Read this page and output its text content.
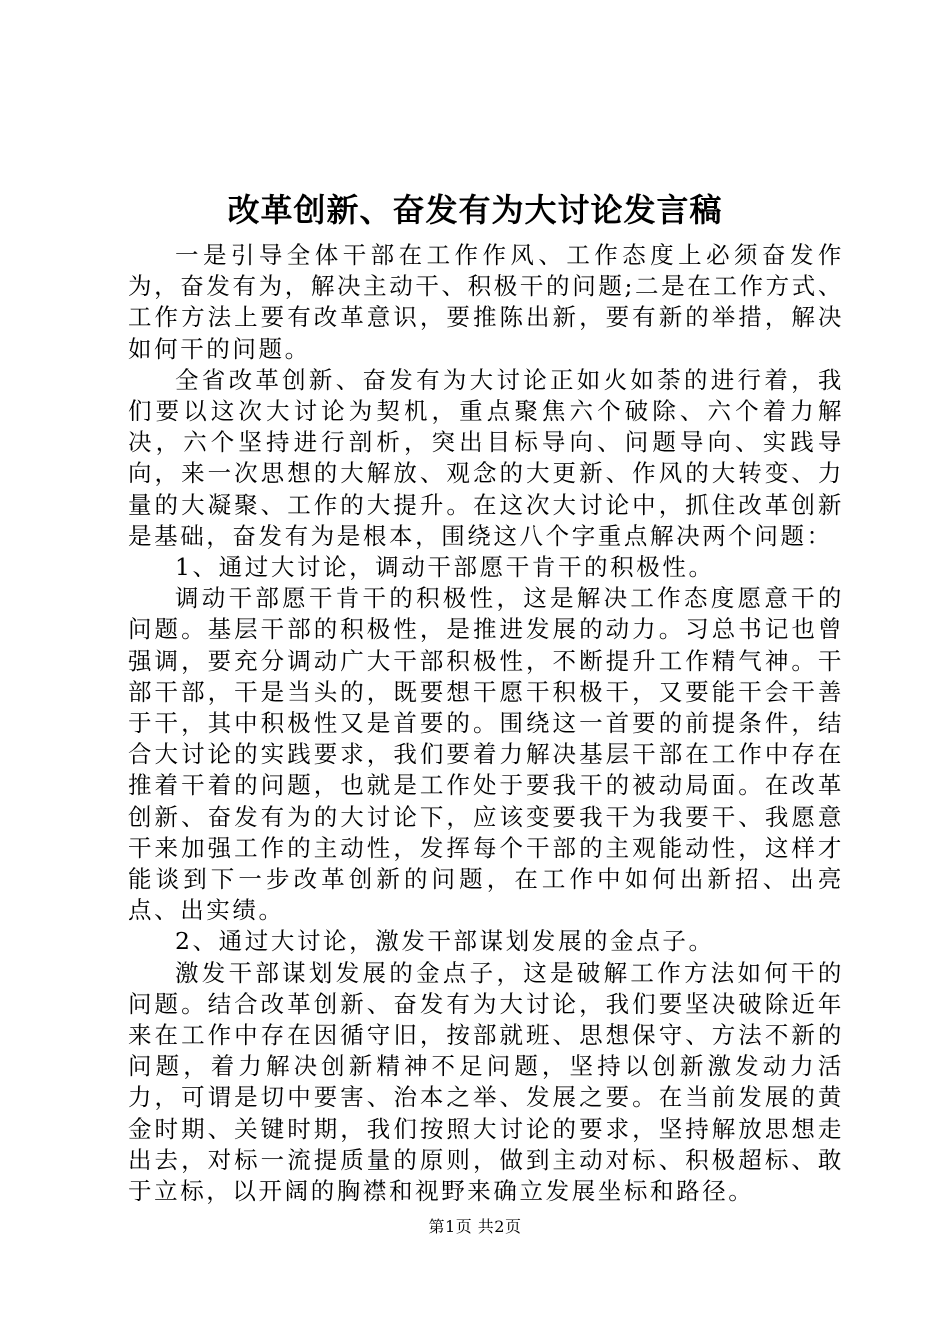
改革创新、奋发有为大讨论发言稿

一是引导全体干部在工作作风、工作态度上必须奋发作为，奋发有为，解决主动干、积极干的问题;二是在工作方式、工作方法上要有改革意识，要推陈出新，要有新的举措，解决如何干的问题。

全省改革创新、奋发有为大讨论正如火如荼的进行着，我们要以这次大讨论为契机，重点聚焦六个破除、六个着力解决，六个坚持进行剖析，突出目标导向、问题导向、实践导向，来一次思想的大解放、观念的大更新、作风的大转变、力量的大凝聚、工作的大提升。在这次大讨论中，抓住改革创新是基础，奋发有为是根本，围绕这八个字重点解决两个问题：

1、通过大讨论，调动干部愿干肯干的积极性。

调动干部愿干肯干的积极性，这是解决工作态度愿意干的问题。基层干部的积极性，是推进发展的动力。习总书记也曾强调，要充分调动广大干部积极性，不断提升工作精气神。干部干部，干是当头的，既要想干愿干积极干，又要能干会干善于干，其中积极性又是首要的。围绕这一首要的前提条件，结合大讨论的实践要求，我们要着力解决基层干部在工作中存在推着干着的问题，也就是工作处于要我干的被动局面。在改革创新、奋发有为的大讨论下，应该变要我干为我要干、我愿意干来加强工作的主动性，发挥每个干部的主观能动性，这样才能谈到下一步改革创新的问题，在工作中如何出新招、出亮点、出实绩。

2、通过大讨论，激发干部谋划发展的金点子。

激发干部谋划发展的金点子，这是破解工作方法如何干的问题。结合改革创新、奋发有为大讨论，我们要坚决破除近年来在工作中存在因循守旧，按部就班、思想保守、方法不新的问题，着力解决创新精神不足问题，坚持以创新激发动力活力，可谓是切中要害、治本之举、发展之要。在当前发展的黄金时期、关键时期，我们按照大讨论的要求，坚持解放思想走出去，对标一流提质量的原则，做到主动对标、积极超标、敢于立标，以开阔的胸襟和视野来确立发展坐标和路径。

第1页 共2页
